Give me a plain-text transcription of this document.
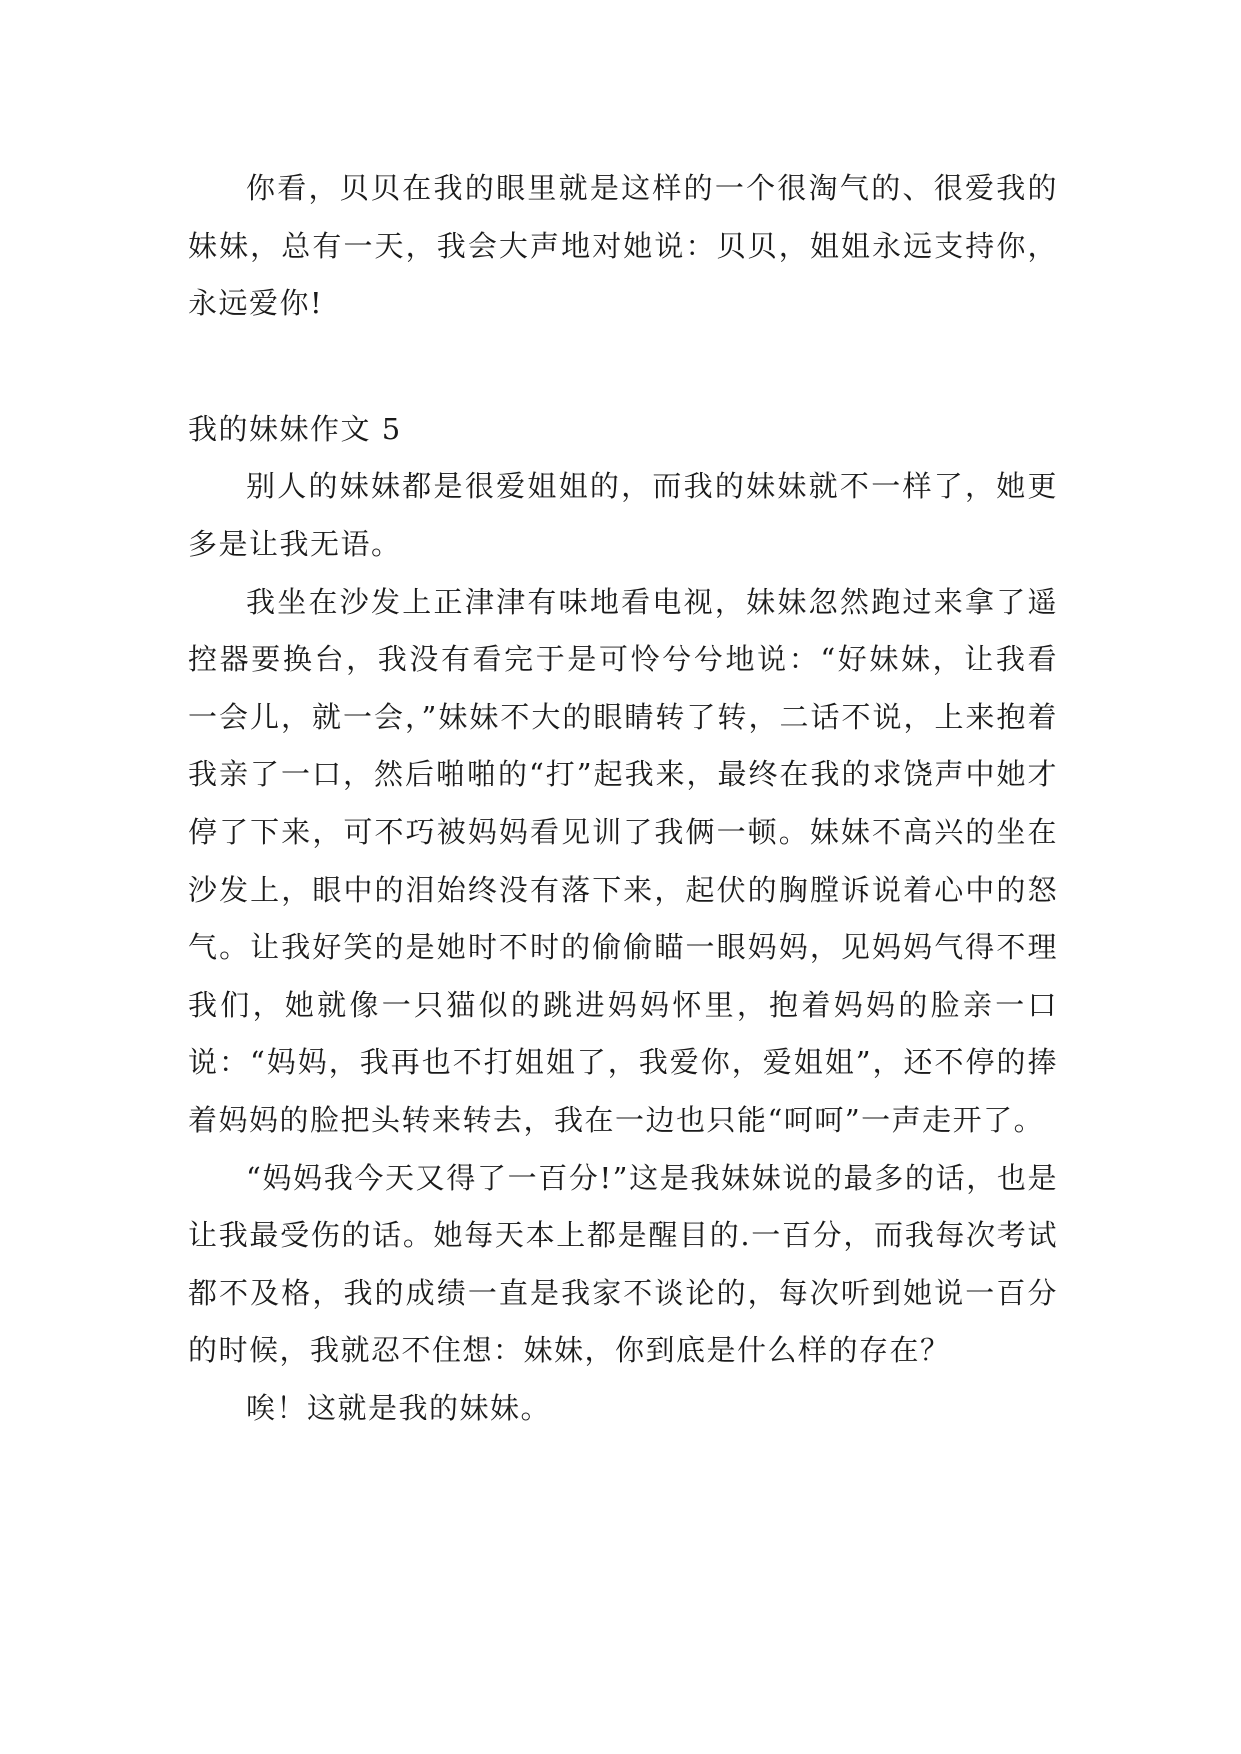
你看，贝贝在我的眼里就是这样的一个很淘气的、很爱我的妹妹，总有一天，我会大声地对她说：贝贝，姐姐永远支持你，永远爱你!

我的妹妹作文 5

别人的妹妹都是很爱姐姐的，而我的妹妹就不一样了，她更多是让我无语。

我坐在沙发上正津津有味地看电视，妹妹忽然跑过来拿了遥控器要换台，我没有看完于是可怜兮兮地说：“好妹妹，让我看一会儿，就一会，”妹妹不大的眼睛转了转，二话不说，上来抱着我亲了一口，然后啪啪的“打”起我来，最终在我的求饶声中她才停了下来，可不巧被妈妈看见训了我俩一顿。妹妹不高兴的坐在沙发上，眼中的泪始终没有落下来，起伏的胸膛诉说着心中的怒气。让我好笑的是她时不时的偷偷瞄一眼妈妈，见妈妈气得不理我们，她就像一只猫似的跳进妈妈怀里，抱着妈妈的脸亲一口说：“妈妈，我再也不打姐姐了，我爱你，爱姐姐”，还不停的捧着妈妈的脸把头转来转去，我在一边也只能“呵呵”一声走开了。

“妈妈我今天又得了一百分!”这是我妹妹说的最多的话，也是让我最受伤的话。她每天本上都是醒目的.一百分，而我每次考试都不及格，我的成绩一直是我家不谈论的，每次听到她说一百分的时候，我就忍不住想：妹妹，你到底是什么样的存在？

唉！这就是我的妹妹。
